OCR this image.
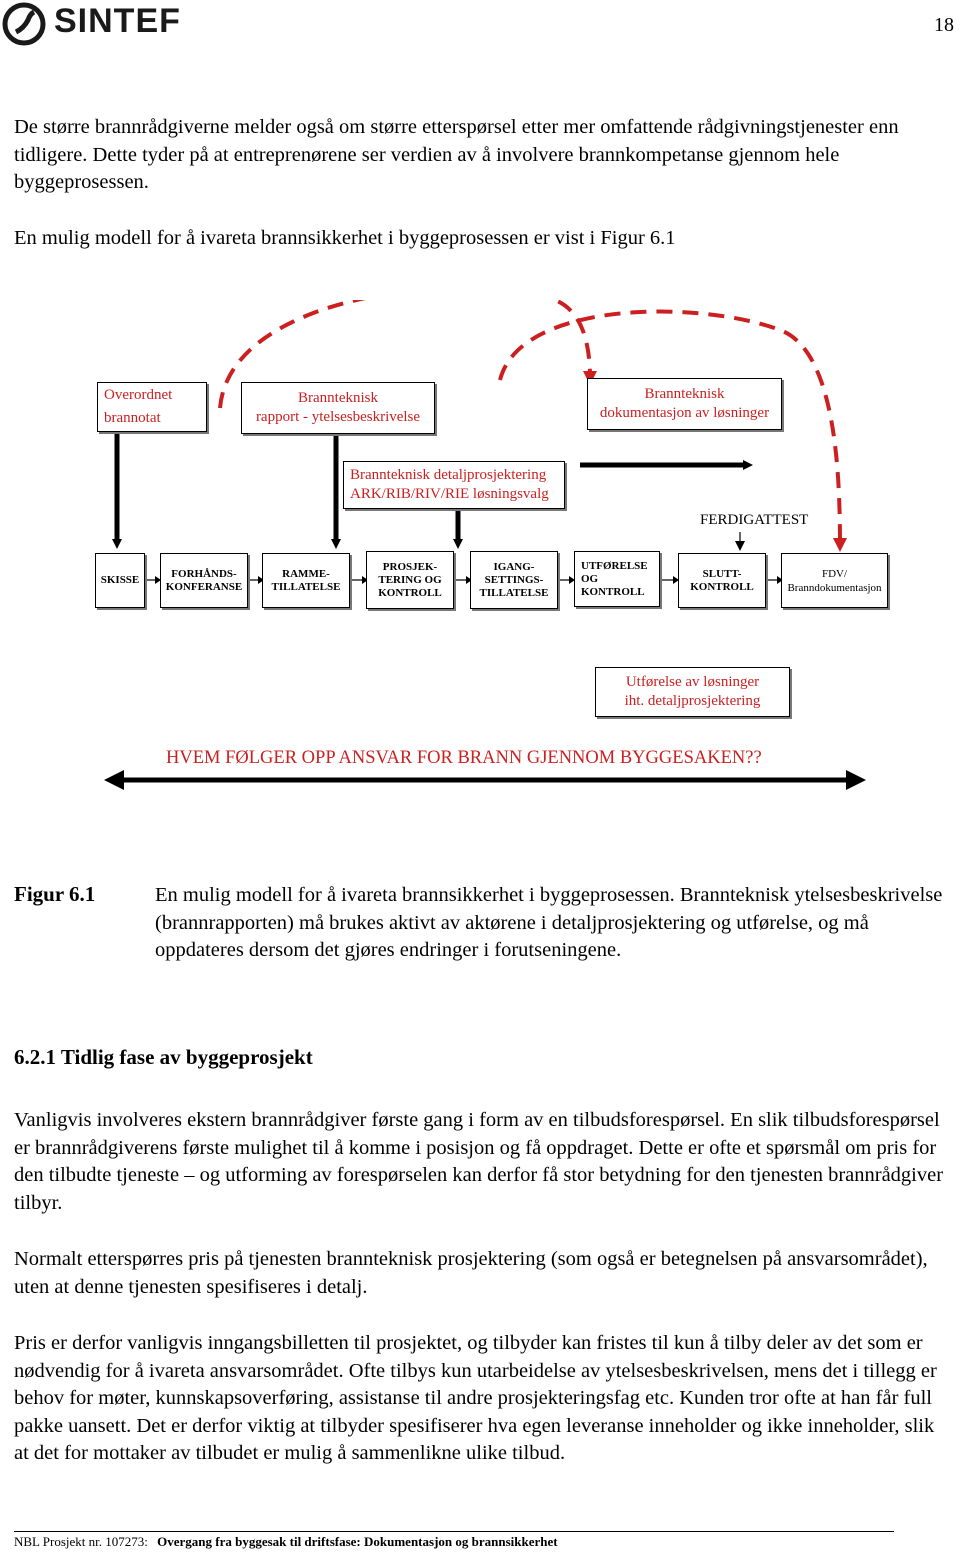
SINTEF	18

De større brannrådgiverne melder også om større etterspørsel etter mer omfattende rådgivningstjenester enn tidligere. Dette tyder på at entreprenørene ser verdien av å involvere brannkompetanse gjennom hele byggeprosessen.

En mulig modell for å ivareta brannsikkerhet i byggeprosessen er vist i Figur 6.1

Overordnet
brannotat
Brannteknisk
rapport - ytelsesbeskrivelse
Brannteknisk
dokumentasjon av løsninger
Brannteknisk detaljprosjektering
ARK/RIB/RIV/RIE løsningsvalg
FERDIGATTEST
SKISSE
FORHÅNDS-
KONFERANSE
RAMME-
TILLATELSE
PROSJEK-
TERING OG
KONTROLL
IGANG-
SETTINGS-
TILLATELSE
UTFØRELSE
OG
KONTROLL
SLUTT-
KONTROLL
FDV/
Branndokumentasjon
Utførelse av løsninger
iht. detaljprosjektering
HVEM FØLGER OPP ANSVAR FOR BRANN GJENNOM BYGGESAKEN??
Figur 6.1	En mulig modell for å ivareta brannsikkerhet i byggeprosessen. Brannteknisk ytelsesbeskrivelse (brannrapporten) må brukes aktivt av aktørene i detaljprosjektering og utførelse, og må oppdateres dersom det gjøres endringer i forutseningene.
6.2.1 Tidlig fase av byggeprosjekt

Vanligvis involveres ekstern brannrådgiver første gang i form av en tilbudsforespørsel. En slik tilbudsforespørsel er brannrådgiverens første mulighet til å komme i posisjon og få oppdraget. Dette er ofte et spørsmål om pris for den tilbudte tjeneste – og utforming av forespørselen kan derfor få stor betydning for den tjenesten brannrådgiver tilbyr.

Normalt etterspørres pris på tjenesten brannteknisk prosjektering (som også er betegnelsen på ansvarsområdet), uten at denne tjenesten spesifiseres i detalj.

Pris er derfor vanligvis inngangsbilletten til prosjektet, og tilbyder kan fristes til kun å tilby deler av det som er nødvendig for å ivareta ansvarsområdet. Ofte tilbys kun utarbeidelse av ytelsesbeskrivelsen, mens det i tillegg er behov for møter, kunnskapsoverføring, assistanse til andre prosjekteringsfag etc. Kunden tror ofte at han får full pakke uansett. Det er derfor viktig at tilbyder spesifiserer hva egen leveranse inneholder og ikke inneholder, slik at det for mottaker av tilbudet er mulig å sammenlikne ulike tilbud.

NBL Prosjekt nr. 107273: Overgang fra byggesak til driftsfase: Dokumentasjon og brannsikkerhet
